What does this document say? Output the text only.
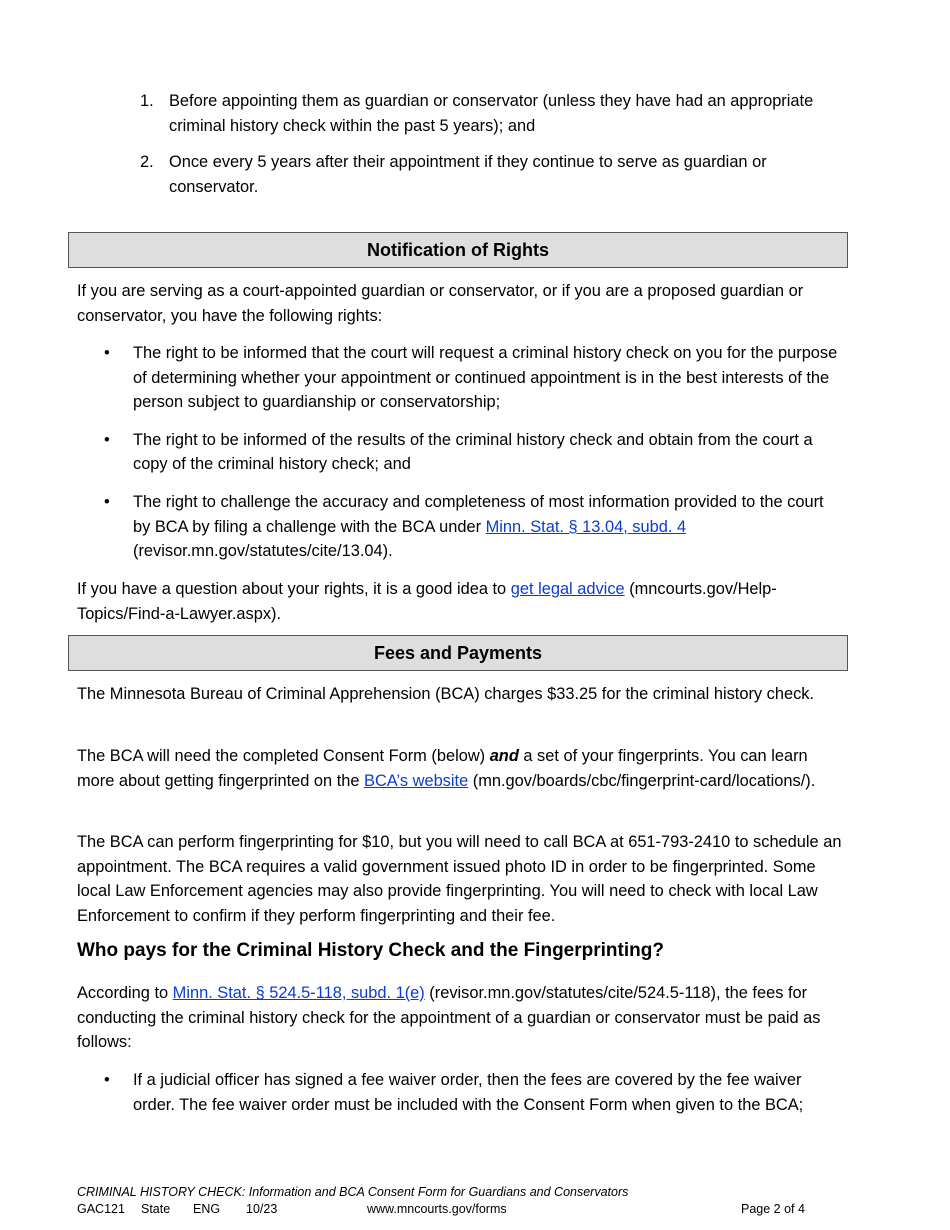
1. Before appointing them as guardian or conservator (unless they have had an appropriate criminal history check within the past 5 years); and
2. Once every 5 years after their appointment if they continue to serve as guardian or conservator.
Notification of Rights

If you are serving as a court-appointed guardian or conservator, or if you are a proposed guardian or conservator, you have the following rights:

• The right to be informed that the court will request a criminal history check on you for the purpose of determining whether your appointment or continued appointment is in the best interests of the person subject to guardianship or conservatorship;
• The right to be informed of the results of the criminal history check and obtain from the court a copy of the criminal history check; and
• The right to challenge the accuracy and completeness of most information provided to the court by BCA by filing a challenge with the BCA under Minn. Stat. § 13.04, subd. 4 (revisor.mn.gov/statutes/cite/13.04).

If you have a question about your rights, it is a good idea to get legal advice (mncourts.gov/Help-Topics/Find-a-Lawyer.aspx).

Fees and Payments

The Minnesota Bureau of Criminal Apprehension (BCA) charges $33.25 for the criminal history check.

The BCA will need the completed Consent Form (below) and a set of your fingerprints. You can learn more about getting fingerprinted on the BCA’s website (mn.gov/boards/cbc/fingerprint-card/locations/).

The BCA can perform fingerprinting for $10, but you will need to call BCA at 651-793-2410 to schedule an appointment. The BCA requires a valid government issued photo ID in order to be fingerprinted. Some local Law Enforcement agencies may also provide fingerprinting. You will need to check with local Law Enforcement to confirm if they perform fingerprinting and their fee.

Who pays for the Criminal History Check and the Fingerprinting?

According to Minn. Stat. § 524.5-118, subd. 1(e) (revisor.mn.gov/statutes/cite/524.5-118), the fees for conducting the criminal history check for the appointment of a guardian or conservator must be paid as follows:

• If a judicial officer has signed a fee waiver order, then the fees are covered by the fee waiver order. The fee waiver order must be included with the Consent Form when given to the BCA;
CRIMINAL HISTORY CHECK: Information and BCA Consent Form for Guardians and Conservators
GAC121 State ENG 10/23	www.mncourts.gov/forms	Page 2 of 4
